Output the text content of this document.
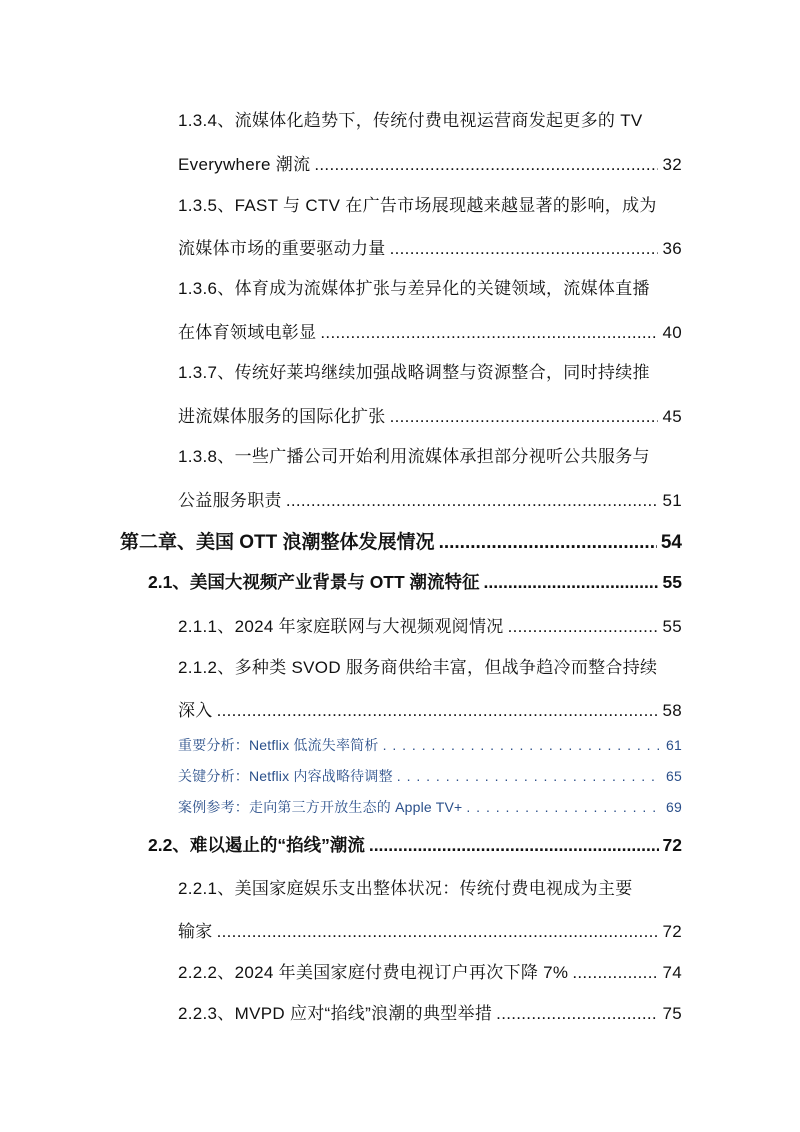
1.3.4、流媒体化趋势下，传统付费电视运营商发起更多的 TV
Everywhere 潮流 .....	32
1.3.5、FAST 与 CTV 在广告市场展现越来越显著的影响，成为
流媒体市场的重要驱动力量 .....	36
1.3.6、体育成为流媒体扩张与差异化的关键领域，流媒体直播
在体育领域电彰显 .....	40
1.3.7、传统好莱坞继续加强战略调整与资源整合，同时持续推
进流媒体服务的国际化扩张 .....	45
1.3.8、一些广播公司开始利用流媒体承担部分视听公共服务与
公益服务职责 .....	51
第二章、美国 OTT 浪潮整体发展情况 .....	54
2.1、美国大视频产业背景与 OTT 潮流特征 .....	55
2.1.1、2024 年家庭联网与大视频观阅情况 .....	55
2.1.2、多种类 SVOD 服务商供给丰富，但战争趋冷而整合持续
深入 .....	58
重要分析：Netflix 低流失率简析 . . .	61
关键分析：Netflix 内容战略待调整 . . .	65
案例参考：走向第三方开放生态的 Apple TV+ . . .	69
2.2、难以遏止的“掐线”潮流 .....	72
2.2.1、美国家庭娱乐支出整体状况：传统付费电视成为主要
输家 .....	72
2.2.2、2024 年美国家庭付费电视订户再次下降 7% .....	74
2.2.3、MVPD 应对“掐线”浪潮的典型举措 .....	75
